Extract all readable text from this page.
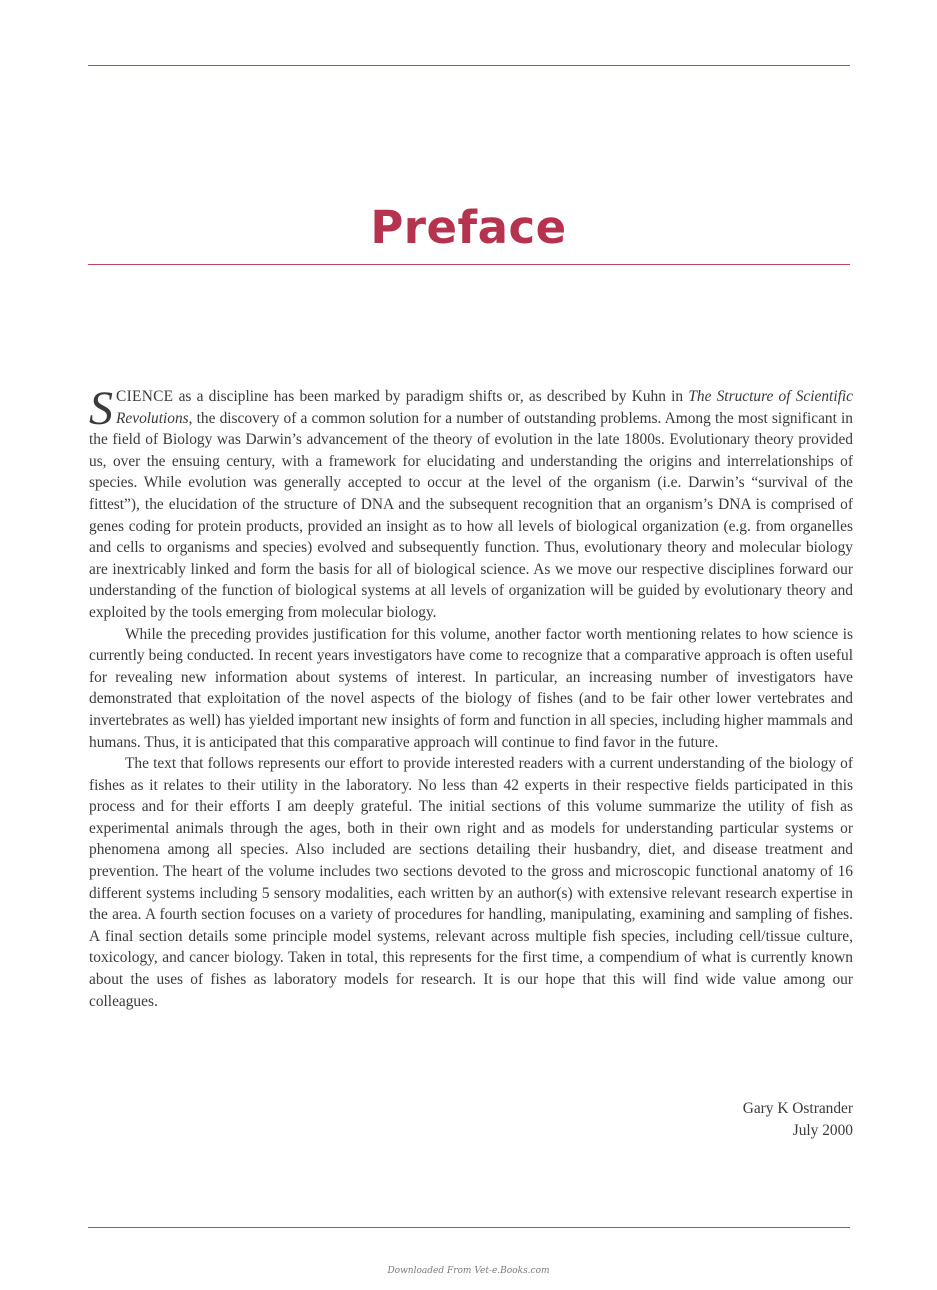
Preface

SCIENCE as a discipline has been marked by paradigm shifts or, as described by Kuhn in The Structure of Scientific Revolutions, the discovery of a common solution for a number of outstanding problems. Among the most significant in the field of Biology was Darwin’s advancement of the theory of evolution in the late 1800s. Evolutionary theory provided us, over the ensuing century, with a framework for elucidating and understanding the origins and interrelationships of species. While evolution was generally accepted to occur at the level of the organism (i.e. Darwin’s “survival of the fittest”), the elucidation of the structure of DNA and the subsequent recognition that an organism’s DNA is comprised of genes coding for protein products, provided an insight as to how all levels of biological organization (e.g. from organelles and cells to organisms and species) evolved and subsequently function. Thus, evolutionary theory and molecular biology are inextricably linked and form the basis for all of biological science. As we move our respective disciplines forward our understanding of the function of biological systems at all levels of organization will be guided by evolutionary theory and exploited by the tools emerging from molecular biology.

While the preceding provides justification for this volume, another factor worth mentioning relates to how science is currently being conducted. In recent years investigators have come to recognize that a comparative approach is often useful for revealing new information about systems of interest. In particular, an increasing number of investigators have demonstrated that exploitation of the novel aspects of the biology of fishes (and to be fair other lower vertebrates and invertebrates as well) has yielded important new insights of form and function in all species, including higher mammals and humans. Thus, it is anticipated that this comparative approach will continue to find favor in the future.

The text that follows represents our effort to provide interested readers with a current understanding of the biology of fishes as it relates to their utility in the laboratory. No less than 42 experts in their respective fields participated in this process and for their efforts I am deeply grateful. The initial sections of this volume summarize the utility of fish as experimental animals through the ages, both in their own right and as models for understanding particular systems or phenomena among all species. Also included are sections detailing their husbandry, diet, and disease treatment and prevention. The heart of the volume includes two sections devoted to the gross and microscopic functional anatomy of 16 different systems including 5 sensory modalities, each written by an author(s) with extensive relevant research expertise in the area. A fourth section focuses on a variety of procedures for handling, manipulating, examining and sampling of fishes. A final section details some principle model systems, relevant across multiple fish species, including cell/tissue culture, toxicology, and cancer biology. Taken in total, this represents for the first time, a compendium of what is currently known about the uses of fishes as laboratory models for research. It is our hope that this will find wide value among our colleagues.

Gary K Ostrander
July 2000
Downloaded From Vet-e.Books.com
